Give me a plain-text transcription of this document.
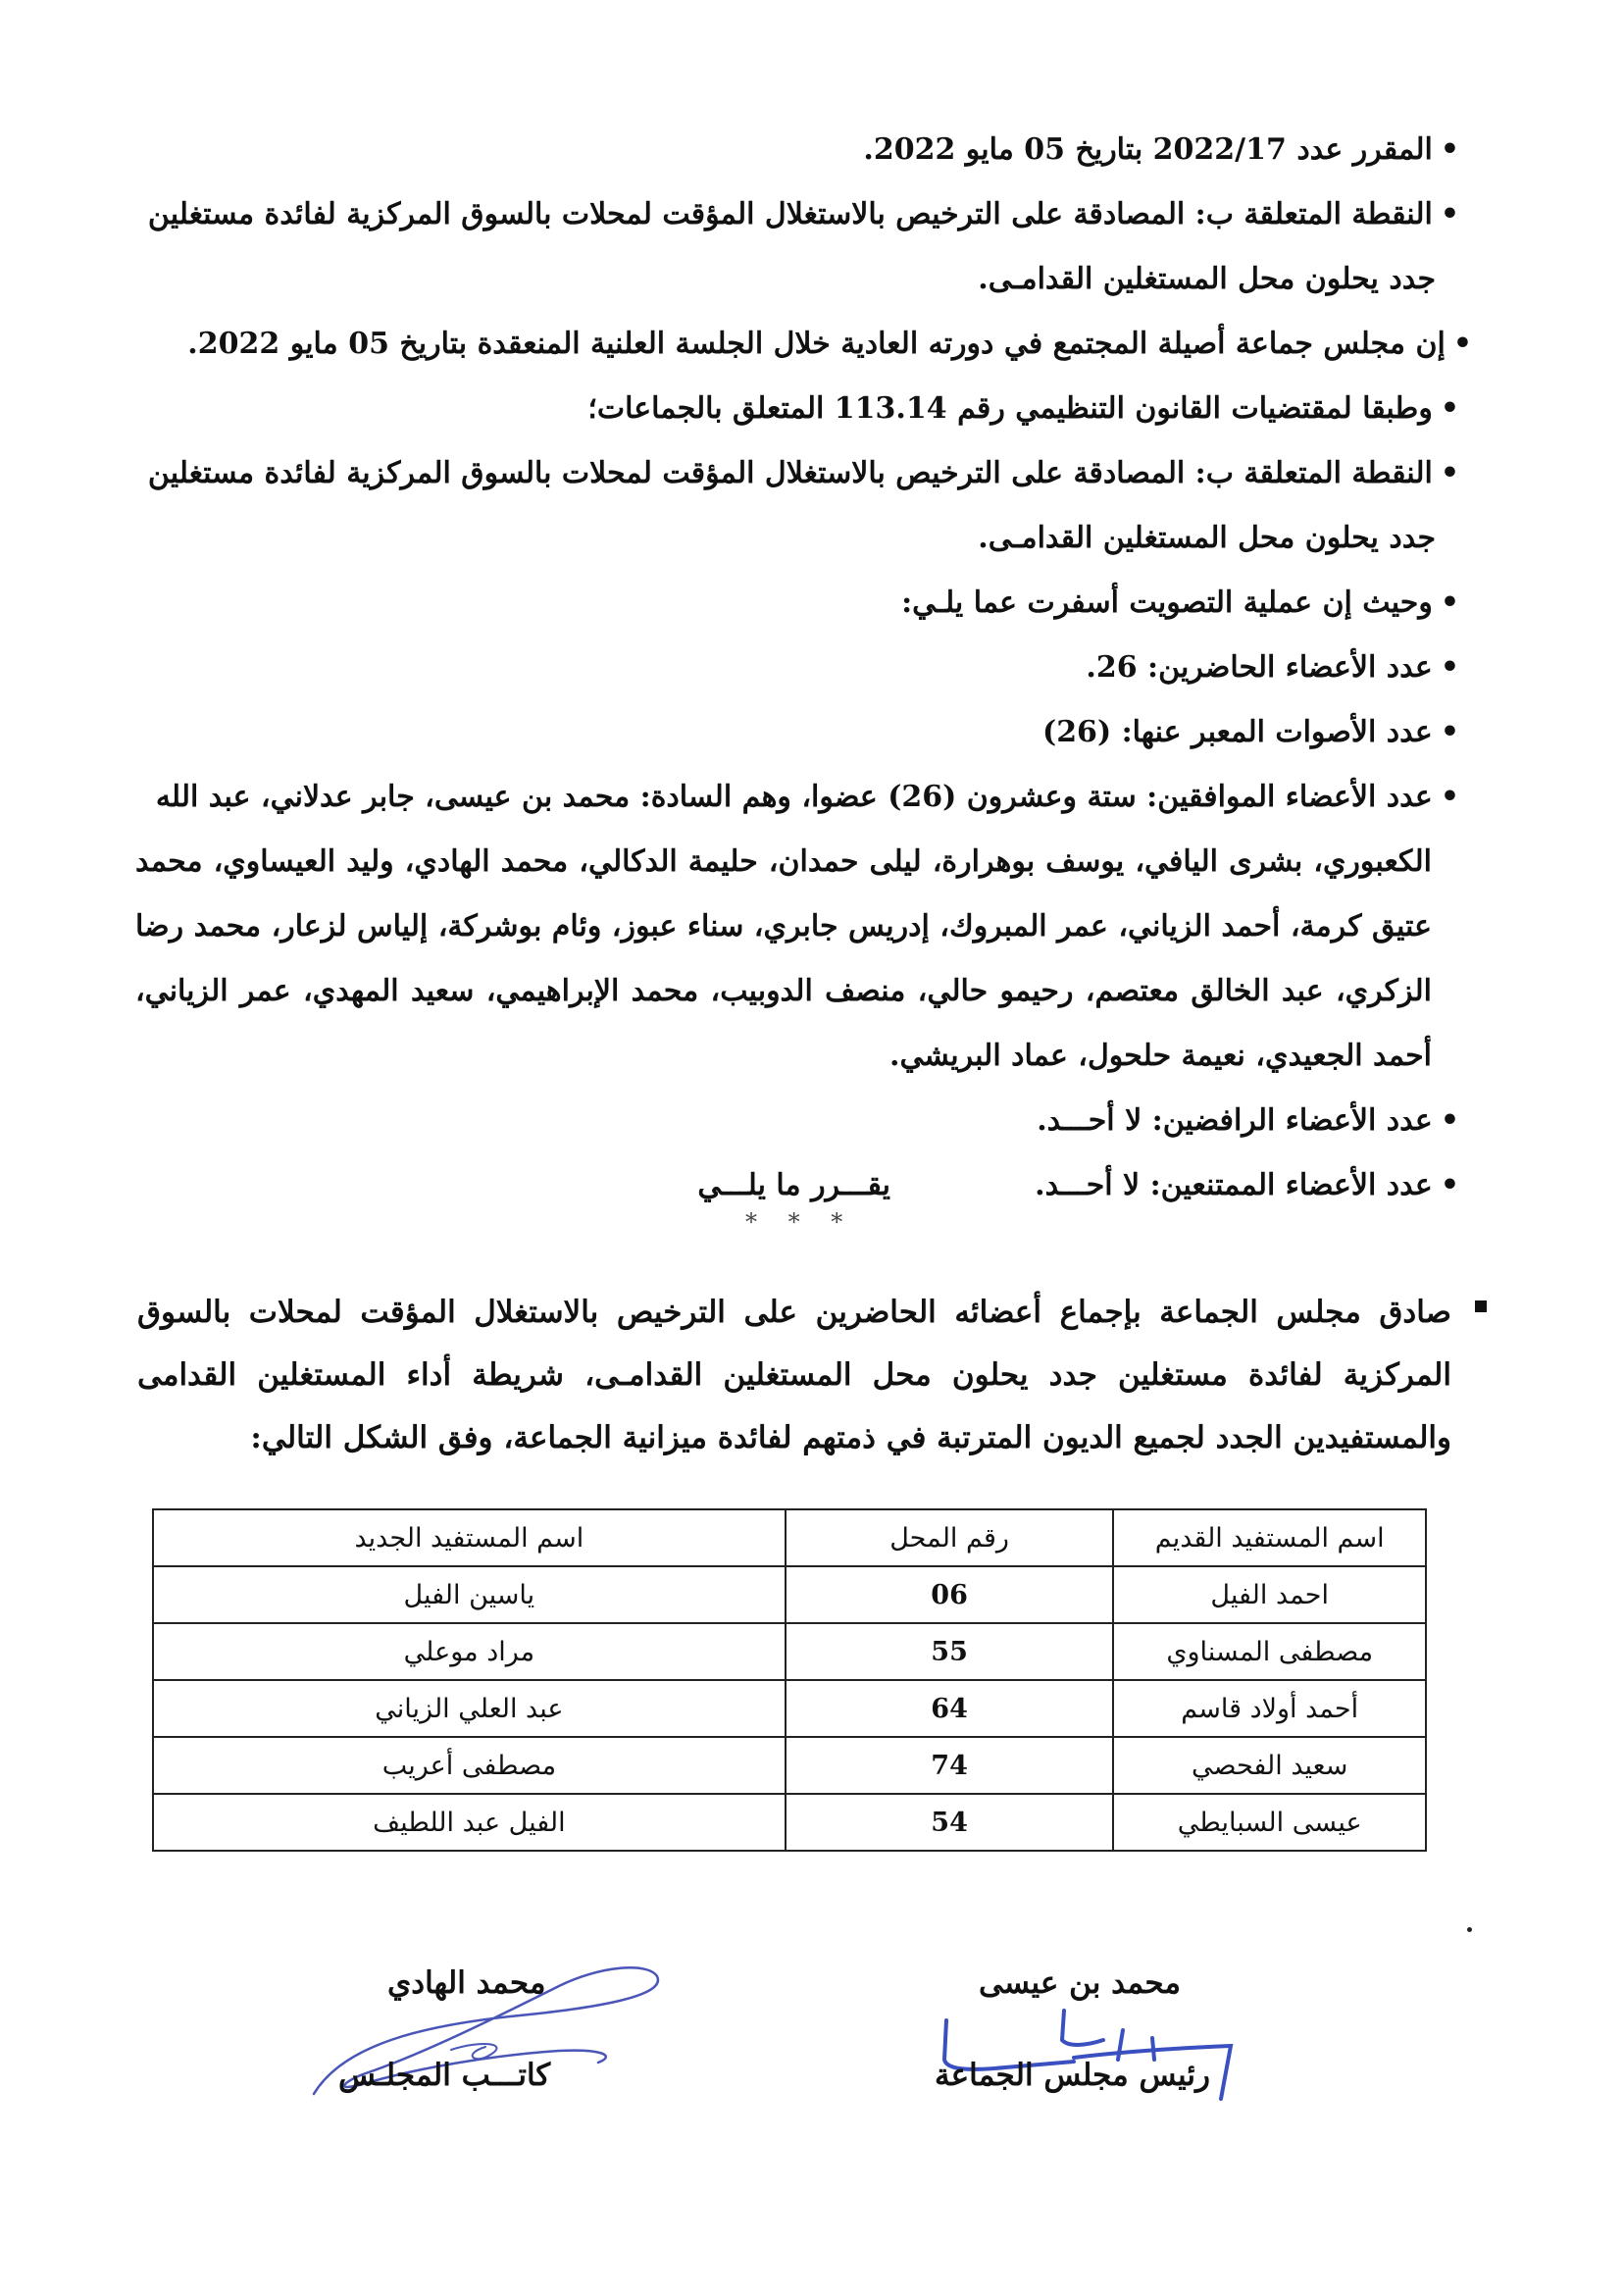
• المقرر عدد 2022/17 بتاريخ 05 مايو 2022.
• النقطة المتعلقة ب: المصادقة على الترخيص بالاستغلال المؤقت لمحلات بالسوق المركزية لفائدة مستغلين
جدد يحلون محل المستغلين القدامـى.
• إن مجلس جماعة أصيلة المجتمع في دورته العادية خلال الجلسة العلنية المنعقدة بتاريخ 05 مايو 2022.
• وطبقا لمقتضيات القانون التنظيمي رقم 113.14 المتعلق بالجماعات؛
• النقطة المتعلقة ب: المصادقة على الترخيص بالاستغلال المؤقت لمحلات بالسوق المركزية لفائدة مستغلين
جدد يحلون محل المستغلين القدامـى.
• وحيث إن عملية التصويت أسفرت عما يلـي:
• عدد الأعضاء الحاضرين: 26.
• عدد الأصوات المعبر عنها: (26)
• عدد الأعضاء الموافقين: ستة وعشرون (26) عضوا، وهم السادة: محمد بن عيسى، جابر عدلاني، عبد الله
الكعبوري، بشرى اليافي، يوسف بوهرارة، ليلى حمدان، حليمة الدكالي، محمد الهادي، وليد العيساوي، محمد عتيق كرمة، أحمد الزياني، عمر المبروك، إدريس جابري، سناء عبوز، وئام بوشركة، إلياس لزعار، محمد رضا الزكري، عبد الخالق معتصم، رحيمو حالي، منصف الدوبيب، محمد الإبراهيمي، سعيد المهدي، عمر الزياني، أحمد الجعيدي، نعيمة حلحول، عماد البريشي.
• عدد الأعضاء الرافضين: لا أحـــد.
• عدد الأعضاء الممتنعين: لا أحـــد.
يقـــرر ما يلـــي
* * *
صادق مجلس الجماعة بإجماع أعضائه الحاضرين على الترخيص بالاستغلال المؤقت لمحلات بالسوق المركزية لفائدة مستغلين جدد يحلون محل المستغلين القدامـى، شريطة أداء المستغلين القدامى والمستفيدين الجدد لجميع الديون المترتبة في ذمتهم لفائدة ميزانية الجماعة، وفق الشكل التالي:
اسم المستفيد القديم	رقم المحل	اسم المستفيد الجديد
احمد الفيل	06	ياسين الفيل
مصطفى المسناوي	55	مراد موعلي
أحمد أولاد قاسم	64	عبد العلي الزياني
سعيد الفحصي	74	مصطفى أعريب
عيسى السبايطي	54	الفيل عبد اللطيف
محمد الهادي
كاتـــب المجلـس
محمد بن عيسى
رئيس مجلس الجماعة
